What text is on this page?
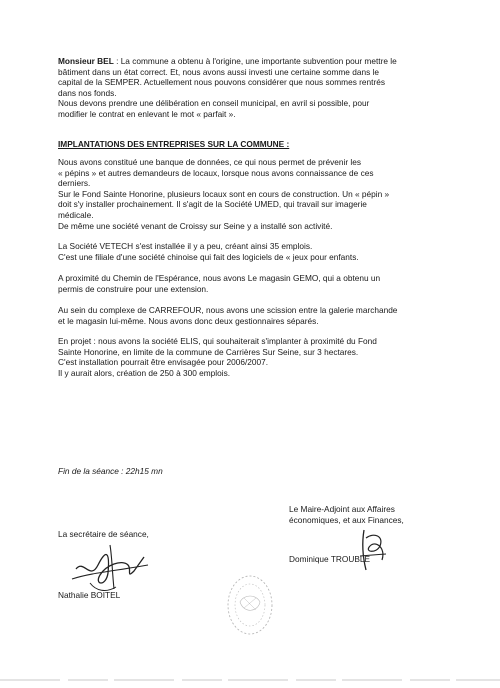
Monsieur BEL : La commune a obtenu à l'origine, une importante subvention pour mettre le
bâtiment dans un état correct. Et, nous avons aussi investi une certaine somme dans le
capital de la SEMPER. Actuellement nous pouvons considérer que nous sommes rentrés
dans nos fonds.
Nous devons prendre une délibération en conseil municipal, en avril si possible, pour
modifier le contrat en enlevant le mot « parfait ».
IMPLANTATIONS DES ENTREPRISES SUR LA COMMUNE :
Nous avons constitué une banque de données, ce qui nous permet de prévenir les
« pépins » et autres demandeurs de locaux, lorsque nous avons connaissance de ces
derniers.
Sur le Fond Sainte Honorine, plusieurs locaux sont en cours de construction. Un « pépin »
doit s'y installer prochainement. Il s'agit de la Société UMED, qui travail sur imagerie
médicale.
De même une société venant de Croissy sur Seine y a installé son activité.
La Société VETECH s'est installée il y a peu, créant ainsi 35 emplois.
C'est une filiale d'une société chinoise qui fait des logiciels de « jeux pour enfants.
A proximité du Chemin de l'Espérance, nous avons Le magasin GEMO, qui a obtenu un
permis de construire pour une extension.
Au sein du complexe de CARREFOUR, nous avons une scission entre la galerie marchande
et le magasin lui-même. Nous avons donc deux gestionnaires séparés.
En projet : nous avons la société ELIS, qui souhaiterait s'implanter à proximité du Fond
Sainte Honorine, en limite de la commune de Carrières Sur Seine, sur 3 hectares.
C'est installation pourrait être envisagée pour 2006/2007.
Il y aurait alors, création de 250 à 300 emplois.
Fin de la séance : 22h15 mn
La secrétaire de séance,
Nathalie BOITEL
Le Maire-Adjoint aux Affaires
économiques, et aux Finances,
Dominique TROUBLE
